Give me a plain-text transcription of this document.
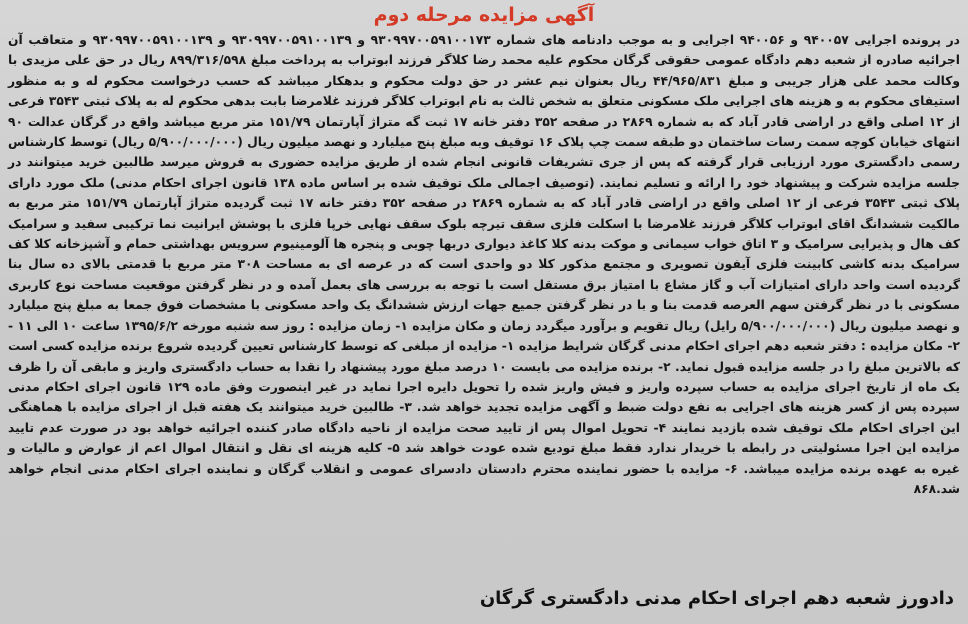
آگهی مزایده مرحله دوم

در پرونده اجرایی ۹۴۰۰۵۷ و ۹۴۰۰۵۶ اجرایی و به موجب دادنامه های شماره ۹۳۰۹۹۷۰۰۵۹۱۰۰۱۷۳ و ۹۳۰۹۹۷۰۰۵۹۱۰۰۱۳۹ و ۹۳۰۹۹۷۰۰۵۹۱۰۰۱۳۹ و متعاقب آن اجرائیه صادره از شعبه دهم دادگاه عمومی حقوقی گرگان محکوم علیه محمد رضا کلاگر فرزند ابوتراب به پرداخت مبلغ ۸۹۹/۳۱۶/۵۹۸ ریال در حق علی مزیدی با وکالت محمد علی هزار جریبی و مبلغ ۴۴/۹۶۵/۸۳۱ ریال بعنوان نیم عشر در حق دولت محکوم و بدهکار میباشد که حسب درخواست محکوم له و به منظور استیفای محکوم به و هزینه های اجرایی ملک مسکونی متعلق به شخص ثالث به نام ابوتراب کلاگر فرزند غلامرضا بابت بدهی محکوم له به پلاک ثبتی ۳۵۴۳ فرعی از ۱۲ اصلی واقع در اراضی قادر آباد که به شماره ۲۸۶۹ در صفحه ۳۵۲ دفتر خانه ۱۷ ثبت گه متراژ آپارتمان ۱۵۱/۷۹ متر مربع میباشد واقع در گرگان عدالت ۹۰ انتهای خیابان کوچه سمت رسات ساختمان دو طبقه سمت چپ پلاک ۱۶ توقیف وبه مبلغ پنج میلیارد و نهصد میلیون ریال (۵/۹۰۰/۰۰۰/۰۰۰ ریال) توسط کارشناس رسمی دادگستری مورد ارزیابی قرار گرفته که پس از جری تشریفات قانونی انجام شده از طریق مزایده حضوری به فروش میرسد طالبین خرید میتوانند در جلسه مزایده شرکت و پیشنهاد خود را ارائه و تسلیم نمایند. (توصیف اجمالی ملک توقیف شده بر اساس ماده ۱۳۸ قانون اجرای احکام مدنی) ملک مورد دارای پلاک ثبتی ۳۵۴۳ فرعی از ۱۲ اصلی واقع در اراضی قادر آباد که به شماره ۲۸۶۹ در صفحه ۳۵۲ دفتر خانه ۱۷ ثبت گردیده متراژ آپارتمان ۱۵۱/۷۹ متر مربع به مالکیت ششدانگ اقای ابوتراب کلاگر فرزند غلامرضا با اسکلت فلزی سقف تیرچه بلوک سقف نهایی خرپا فلزی با پوشش ایرانیت نما ترکیبی سفید و سرامیک کف هال و پذیرایی سرامیک و ۳ اتاق خواب سیمانی و موکت بدنه کلا کاغذ دیواری دربها چوبی و پنجره ها آلومینیوم سرویس بهداشتی حمام و آشپزخانه کلا کف سرامیک بدنه کاشی کابینت فلزی آیفون تصویری و مجتمع مذکور کلا دو واحدی است که در عرصه ای به مساحت ۳۰۸ متر مربع با قدمتی بالای ده سال بنا گردیده است واحد دارای امتیازات آب و گاز مشاع با امتیاز برق مستقل است با توجه به بررسی های بعمل آمده و در نظر گرفتن موقعیت مساحت نوع کاربری مسکونی با در نظر گرفتن سهم العرصه قدمت بنا و با در نظر گرفتن جمیع جهات ارزش ششدانگ یک واحد مسکونی با مشخصات فوق جمعا به مبلغ پنج میلیارد و نهصد میلیون ریال (۵/۹۰۰/۰۰۰/۰۰۰ رایل) ریال تقویم و برآورد میگردد زمان و مکان مزایده ۱- زمان مزایده : روز سه شنبه مورخه ۱۳۹۵/۶/۲ ساعت ۱۰ الی ۱۱ - ۲- مکان مزایده : دفتر شعبه دهم اجرای احکام مدنی گرگان شرایط مزایده ۱- مزایده از مبلغی که توسط کارشناس تعیین گردیده شروع برنده مزایده کسی است که بالاترین مبلغ را در جلسه مزایده قبول نماید. ۲- برنده مزایده می بایست ۱۰ درصد مبلغ مورد پیشنهاد را نقدا به حساب دادگستری واریز و مابقی آن را ظرف یک ماه از تاریخ اجرای مزایده به حساب سپرده واریز و فیش واریز شده را تحویل دایره اجرا نماید در غیر اینصورت وفق ماده ۱۲۹ قانون اجرای احکام مدنی سپرده پس از کسر هزینه های اجرایی به نفع دولت ضبط و آگهی مزایده تجدید خواهد شد. ۳- طالبین خرید میتوانند یک هفته قبل از اجرای مزایده با هماهنگی این اجرای احکام ملک توقیف شده بازدید نمایند ۴- تحویل اموال پس از تایید صحت مزایده از ناحیه دادگاه صادر کننده اجرائیه خواهد بود در صورت عدم تایید مزایده این اجرا مسئولیتی در رابطه با خریدار ندارد فقط مبلغ تودیع شده عودت خواهد شد ۵- کلیه هزینه ای نقل و انتقال اموال اعم از عوارض و مالیات و غیره به عهده برنده مزایده میباشد. ۶- مزایده با حضور نماینده محترم دادستان دادسرای عمومی و انقلاب گرگان و نماینده اجرای احکام مدنی انجام خواهد شد.۸۶۸

دادورز شعبه دهم اجرای احکام مدنی دادگستری گرگان
